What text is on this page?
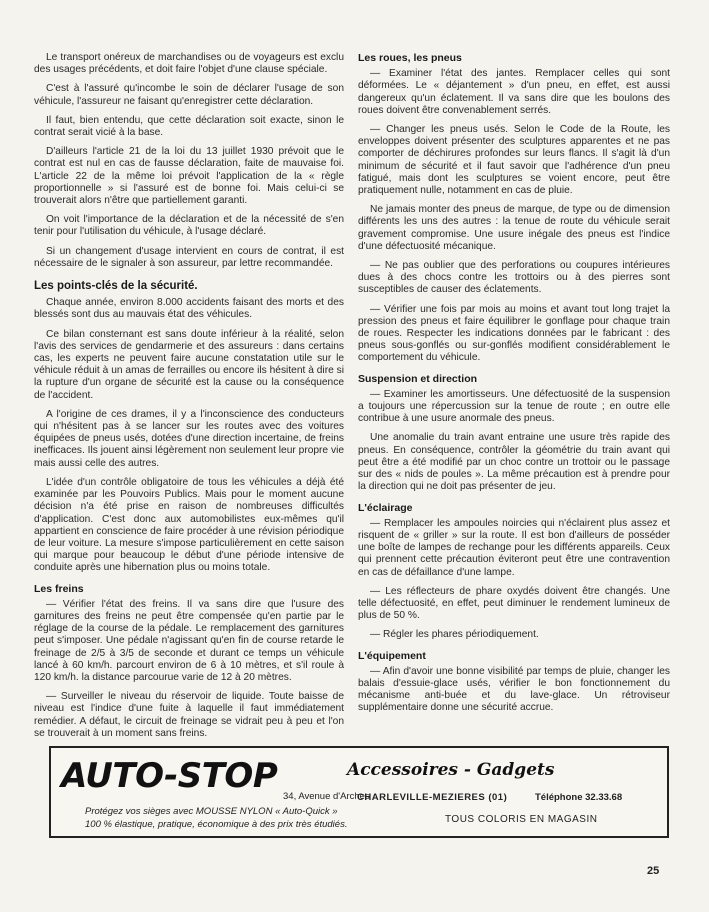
Le transport onéreux de marchandises ou de voyageurs est exclu des usages précédents, et doit faire l'objet d'une clause spéciale.

C'est à l'assuré qu'incombe le soin de déclarer l'usage de son véhicule, l'assureur ne faisant qu'enregistrer cette déclaration.

Il faut, bien entendu, que cette déclaration soit exacte, sinon le contrat serait vicié à la base.

D'ailleurs l'article 21 de la loi du 13 juillet 1930 prévoit que le contrat est nul en cas de fausse déclaration, faite de mauvaise foi. L'article 22 de la même loi prévoit l'application de la « règle proportionnelle » si l'assuré est de bonne foi. Mais celui-ci se trouverait alors n'être que partiellement garanti.

On voit l'importance de la déclaration et de la nécessité de s'en tenir pour l'utilisation du véhicule, à l'usage déclaré.

Si un changement d'usage intervient en cours de contrat, il est nécessaire de le signaler à son assureur, par lettre recommandée.

Les points-clés de la sécurité.

Chaque année, environ 8.000 accidents faisant des morts et des blessés sont dus au mauvais état des véhicules.

Ce bilan consternant est sans doute inférieur à la réalité, selon l'avis des services de gendarmerie et des assureurs : dans certains cas, les experts ne peuvent faire aucune constatation utile sur le véhicule réduit à un amas de ferrailles ou encore ils hésitent à dire si la rupture d'un organe de sécurité est la cause ou la conséquence de l'accident.

A l'origine de ces drames, il y a l'inconscience des conducteurs qui n'hésitent pas à se lancer sur les routes avec des voitures équipées de pneus usés, dotées d'une direction incertaine, de freins inefficaces. Ils jouent ainsi légèrement non seulement leur propre vie mais aussi celle des autres.

L'idée d'un contrôle obligatoire de tous les véhicules a déjà été examinée par les Pouvoirs Publics. Mais pour le moment aucune décision n'a été prise en raison de nombreuses difficultés d'application. C'est donc aux automobilistes eux-mêmes qu'il appartient en conscience de faire procéder à une révision périodique de leur voiture. La mesure s'impose particulièrement en cette saison qui marque pour beaucoup le début d'une période intensive de conduite après une hibernation plus ou moins totale.

Les freins

— Vérifier l'état des freins. Il va sans dire que l'usure des garnitures des freins ne peut être compensée qu'en partie par le réglage de la course de la pédale. Le remplacement des garnitures peut s'imposer. Une pédale n'agissant qu'en fin de course retarde le freinage de 2/5 à 3/5 de seconde et durant ce temps un véhicule lancé à 60 km/h. parcourt environ de 6 à 10 mètres, et s'il roule à 120 km/h. la distance parcourue varie de 12 à 20 mètres.

— Surveiller le niveau du réservoir de liquide. Toute baisse de niveau est l'indice d'une fuite à laquelle il faut immédiatement remédier. A défaut, le circuit de freinage se vidrait peu à peu et l'on se trouverait à un moment sans freins.

Les roues, les pneus

— Examiner l'état des jantes. Remplacer celles qui sont déformées. Le « déjantement » d'un pneu, en effet, est aussi dangereux qu'un éclatement. Il va sans dire que les boulons des roues doivent être convenablement serrés.

— Changer les pneus usés. Selon le Code de la Route, les enveloppes doivent présenter des sculptures apparentes et ne pas comporter de déchirures profondes sur leurs flancs. Il s'agit là d'un minimum de sécurité et il faut savoir que l'adhérence d'un pneu fatigué, mais dont les sculptures se voient encore, peut être pratiquement nulle, notamment en cas de pluie.

Ne jamais monter des pneus de marque, de type ou de dimension différents les uns des autres : la tenue de route du véhicule serait gravement compromise. Une usure inégale des pneus est l'indice d'une défectuosité mécanique.

— Ne pas oublier que des perforations ou coupures intérieures dues à des chocs contre les trottoirs ou à des pierres sont susceptibles de causer des éclatements.

— Vérifier une fois par mois au moins et avant tout long trajet la pression des pneus et faire équilibrer le gonflage pour chaque train de roues. Respecter les indications données par le fabricant : des pneus sous-gonflés ou sur-gonflés modifient considérablement le comportement du véhicule.

Suspension et direction

— Examiner les amortisseurs. Une défectuosité de la suspension a toujours une répercussion sur la tenue de route ; en outre elle contribue à une usure anormale des pneus.

Une anomalie du train avant entraine une usure très rapide des pneus. En conséquence, contrôler la géométrie du train avant qui peut être a été modifié par un choc contre un trottoir ou le passage sur des « nids de poules ». La même précaution est à prendre pour la direction qui ne doit pas présenter de jeu.

L'éclairage

— Remplacer les ampoules noircies qui n'éclairent plus assez et risquent de « griller » sur la route. Il est bon d'ailleurs de posséder une boîte de lampes de rechange pour les différents appareils. Ceux qui prennent cette précaution éviteront peut être une contravention en cas de défaillance d'une lampe.

— Les réflecteurs de phare oxydés doivent être changés. Une telle défectuosité, en effet, peut diminuer le rendement lumineux de plus de 50 %.

— Régler les phares périodiquement.

L'équipement

— Afin d'avoir une bonne visibilité par temps de pluie, changer les balais d'essuie-glace usés, vérifier le bon fonctionnement du mécanisme anti-buée et du lave-glace. Un rétroviseur supplémentaire donne une sécurité accrue.

AUTO-STOP	Accessoires - Gadgets
34, Avenue d'Arches
CHARLEVILLE-MEZIERES (01)	Téléphone 32.33.68
Protégez vos sièges avec MOUSSE NYLON « Auto-Quick »
100 % élastique, pratique, économique à des prix très étudiés.	TOUS COLORIS EN MAGASIN
25
